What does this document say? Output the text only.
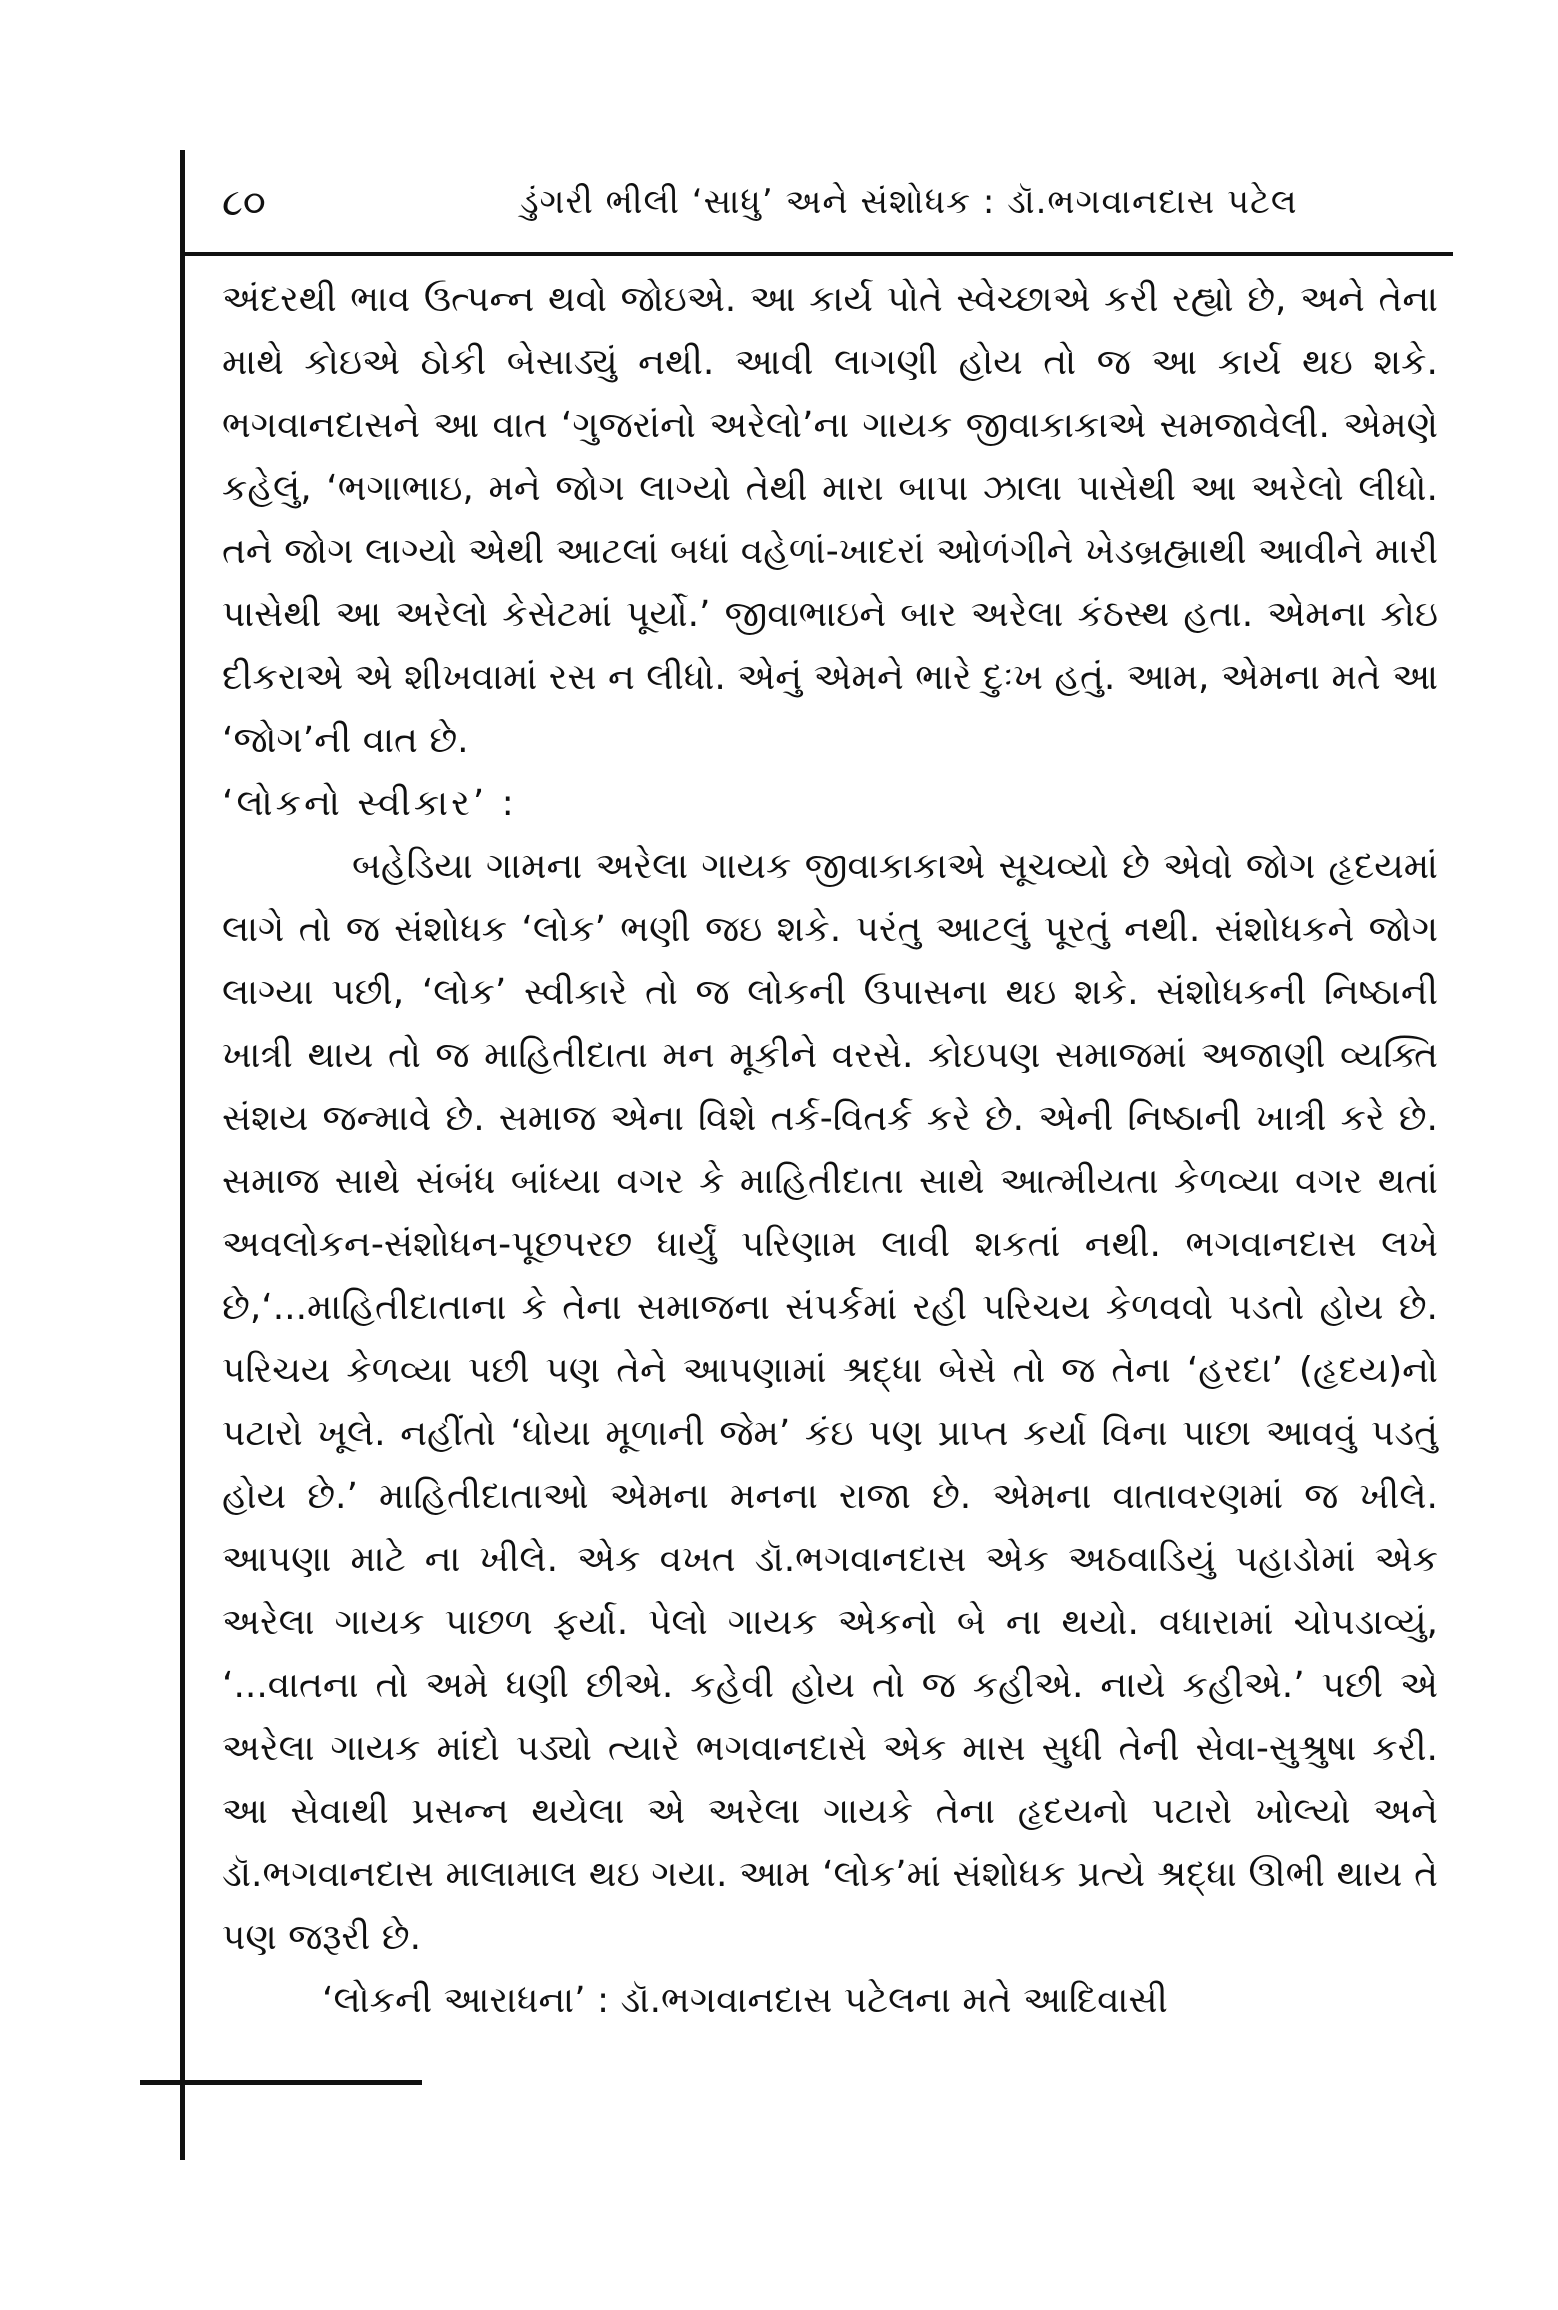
૮૦	ડુંગરી ભીલી ‘સાધુ’ અને સંશોધક : ડૉ.ભગવાનદાસ પટેલ

અંદરથી ભાવ ઉત્પન્ન થવો જોઇએ. આ કાર્ય પોતે સ્વેચ્છાએ કરી રહ્યો છે, અને તેના માથે કોઇએ ઠોકી બેસાડ્યું નથી. આવી લાગણી હોય તો જ આ કાર્ય થઇ શકે. ભગવાનદાસને આ વાત ‘ગુજરાંનો અરેલો’ના ગાયક જીવાકાકાએ સમજાવેલી. એમણે કહેલું, ‘ભગાભાઇ, મને જોગ લાગ્યો તેથી મારા બાપા ઝાલા પાસેથી આ અરેલો લીધો. તને જોગ લાગ્યો એથી આટલાં બધાં વહેળાં-ખાદરાં ઓળંગીને ખેડબ્રહ્માથી આવીને મારી પાસેથી આ અરેલો કેસેટમાં પૂર્યો.’ જીવાભાઇને બાર અરેલા કંઠસ્થ હતા. એમના કોઇ દીકરાએ એ શીખવામાં રસ ન લીધો. એનું એમને ભારે દુઃખ હતું. આમ, એમના મતે આ ‘જોગ’ની વાત છે.

‘લોકનો સ્વીકાર’ :

બહેડિયા ગામના અરેલા ગાયક જીવાકાકાએ સૂચવ્યો છે એવો જોગ હૃદયમાં લાગે તો જ સંશોધક ‘લોક’ ભણી જઇ શકે. પરંતુ આટલું પૂરતું નથી. સંશોધકને જોગ લાગ્યા પછી, ‘લોક’ સ્વીકારે તો જ લોકની ઉપાસના થઇ શકે. સંશોધકની નિષ્ઠાની ખાત્રી થાય તો જ માહિતીદાતા મન મૂકીને વરસે. કોઇપણ સમાજમાં અજાણી વ્યક્તિ સંશય જન્માવે છે. સમાજ એના વિશે તર્ક-વિતર્ક કરે છે. એની નિષ્ઠાની ખાત્રી કરે છે. સમાજ સાથે સંબંધ બાંધ્યા વગર કે માહિતીદાતા સાથે આત્મીયતા કેળવ્યા વગર થતાં અવલોકન-સંશોધન-પૂછપરછ ધાર્યું પરિણામ લાવી શકતાં નથી. ભગવાનદાસ લખે છે,‘...માહિતીદાતાના કે તેના સમાજના સંપર્કમાં રહી પરિચય કેળવવો પડતો હોય છે. પરિચય કેળવ્યા પછી પણ તેને આપણામાં શ્રદ્ધા બેસે તો જ તેના ‘હરદા’ (હૃદય)નો પટારો ખૂલે. નહીંતો ‘ધોયા મૂળાની જેમ’ કંઇ પણ પ્રાપ્ત કર્યા વિના પાછા આવવું પડતું હોય છે.’ માહિતીદાતાઓ એમના મનના રાજા છે. એમના વાતાવરણમાં જ ખીલે. આપણા માટે ના ખીલે. એક વખત ડૉ.ભગવાનદાસ એક અઠવાડિયું પહાડોમાં એક અરેલા ગાયક પાછળ ફર્યા. પેલો ગાયક એકનો બે ના થયો. વધારામાં ચોપડાવ્યું, ‘...વાતના તો અમે ધણી છીએ. કહેવી હોય તો જ કહીએ. નાયે કહીએ.’ પછી એ અરેલા ગાયક માંદો પડ્યો ત્યારે ભગવાનદાસે એક માસ સુધી તેની સેવા-સુશ્રુષા કરી. આ સેવાથી પ્રસન્ન થયેલા એ અરેલા ગાયકે તેના હૃદયનો પટારો ખોલ્યો અને ડૉ.ભગવાનદાસ માલામાલ થઇ ગયા. આમ ‘લોક’માં સંશોધક પ્રત્યે શ્રદ્ધા ઊભી થાય તે પણ જરૂરી છે.

‘લોકની આરાધના’ : ડૉ.ભગવાનદાસ પટેલના મતે આદિવાસી
